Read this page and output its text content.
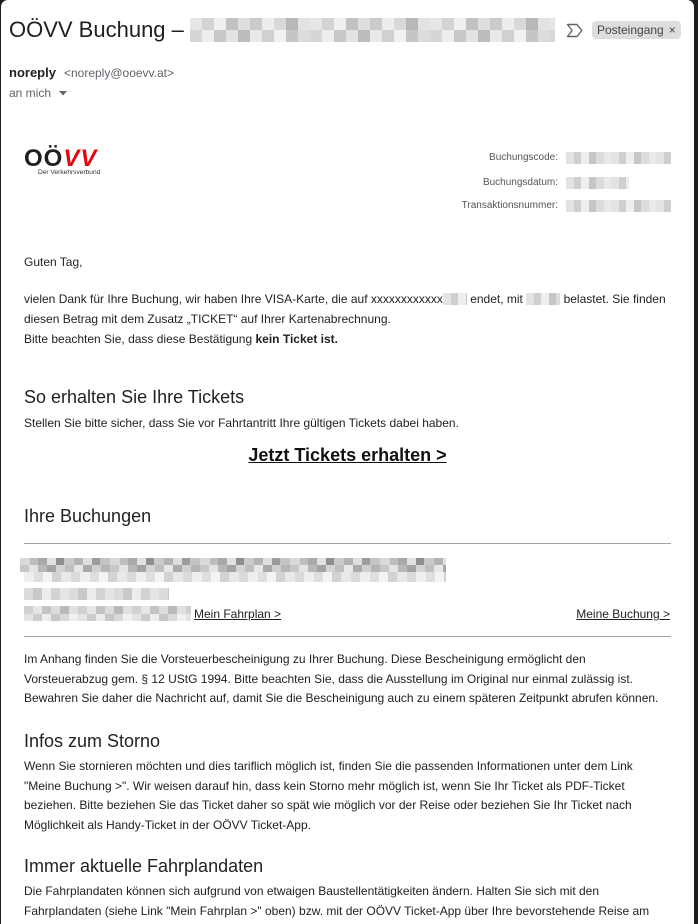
OÖVV Buchung –	Posteingang ×
noreply <noreply@ooevv.at>
an mich
OÖVV
Der Verkehrsverbund
Buchungscode:
Buchungsdatum:
Transaktionsnummer:
Guten Tag,
vielen Dank für Ihre Buchung, wir haben Ihre VISA-Karte, die auf xxxxxxxxxxxx endet, mit	belastet. Sie finden
diesen Betrag mit dem Zusatz „TICKET“ auf Ihrer Kartenabrechnung.
Bitte beachten Sie, dass diese Bestätigung kein Ticket ist.
So erhalten Sie Ihre Tickets
Stellen Sie bitte sicher, dass Sie vor Fahrtantritt Ihre gültigen Tickets dabei haben.
Jetzt Tickets erhalten >
Ihre Buchungen
Mein Fahrplan >	Meine Buchung >
Im Anhang finden Sie die Vorsteuerbescheinigung zu Ihrer Buchung. Diese Bescheinigung ermöglicht den
Vorsteuerabzug gem. § 12 UStG 1994. Bitte beachten Sie, dass die Ausstellung im Original nur einmal zulässig ist.
Bewahren Sie daher die Nachricht auf, damit Sie die Bescheinigung auch zu einem späteren Zeitpunkt abrufen können.
Infos zum Storno
Wenn Sie stornieren möchten und dies tariflich möglich ist, finden Sie die passenden Informationen unter dem Link
"Meine Buchung >". Wir weisen darauf hin, dass kein Storno mehr möglich ist, wenn Sie Ihr Ticket als PDF-Ticket
beziehen. Bitte beziehen Sie das Ticket daher so spät wie möglich vor der Reise oder beziehen Sie Ihr Ticket nach
Möglichkeit als Handy-Ticket in der OÖVV Ticket-App.
Immer aktuelle Fahrplandaten
Die Fahrplandaten können sich aufgrund von etwaigen Baustellentätigkeiten ändern. Halten Sie sich mit den
Fahrplandaten (siehe Link "Mein Fahrplan >" oben) bzw. mit der OÖVV Ticket-App über Ihre bevorstehende Reise am
